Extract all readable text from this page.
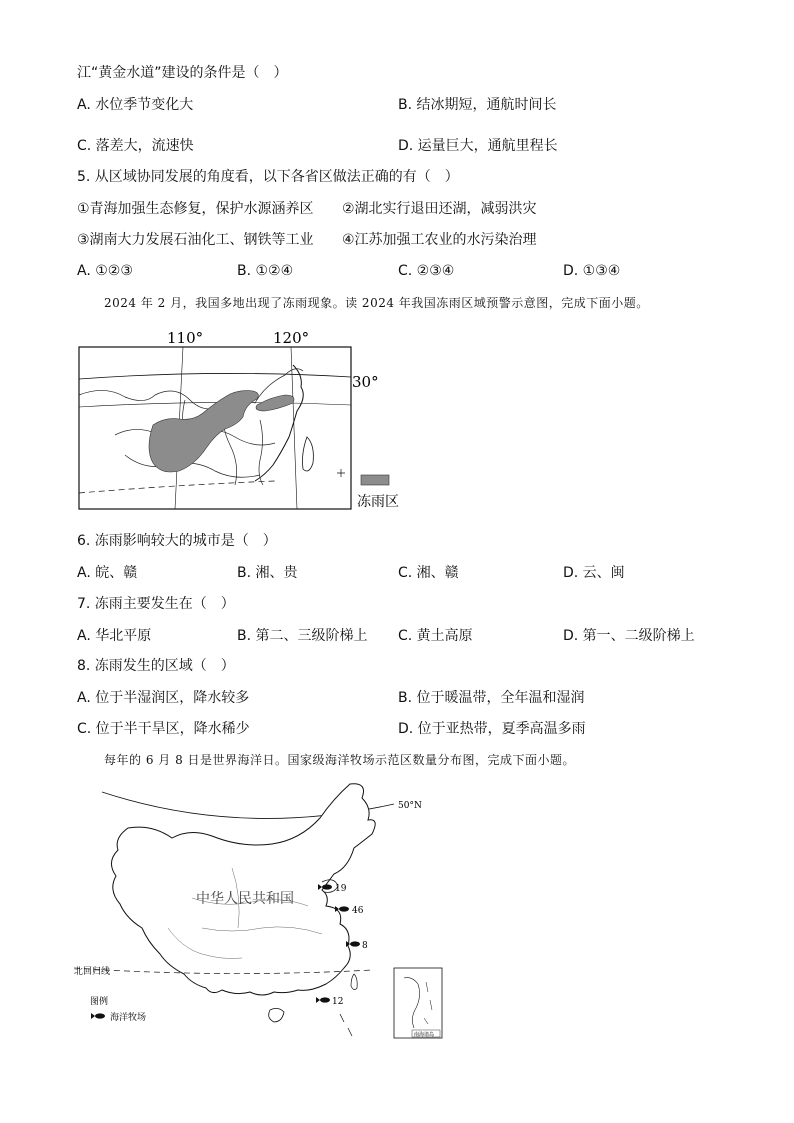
江“黄金水道”建设的条件是（　）
A. 水位季节变化大	B. 结冰期短，通航时间长
C. 落差大，流速快	D. 运量巨大，通航里程长
5. 从区域协同发展的角度看，以下各省区做法正确的有（　）
①青海加强生态修复，保护水源涵养区 ②湖北实行退田还湖，减弱洪灾
③湖南大力发展石油化工、钢铁等工业 ④江苏加强工农业的水污染治理
A. ①②③	B. ①②④	C. ②③④	D. ①③④
2024 年 2 月，我国多地出现了冻雨现象。读 2024 年我国冻雨区域预警示意图，完成下面小题。
110°	120°
30°
冻雨区
6. 冻雨影响较大的城市是（　）
A. 皖、赣	B. 湘、贵	C. 湘、赣	D. 云、闽
7. 冻雨主要发生在（　）
A. 华北平原	B. 第二、三级阶梯上 C. 黄土高原	D. 第一、二级阶梯上
8. 冻雨发生的区域（　）
A. 位于半湿润区，降水较多	B. 位于暖温带，全年温和湿润
C. 位于半干旱区，降水稀少	D. 位于亚热带，夏季高温多雨
每年的 6 月 8 日是世界海洋日。国家级海洋牧场示范区数量分布图，完成下面小题。
50°N
北回归线
中华人民共和国
19
46
8
12
图例
海洋牧场
南海诸岛
